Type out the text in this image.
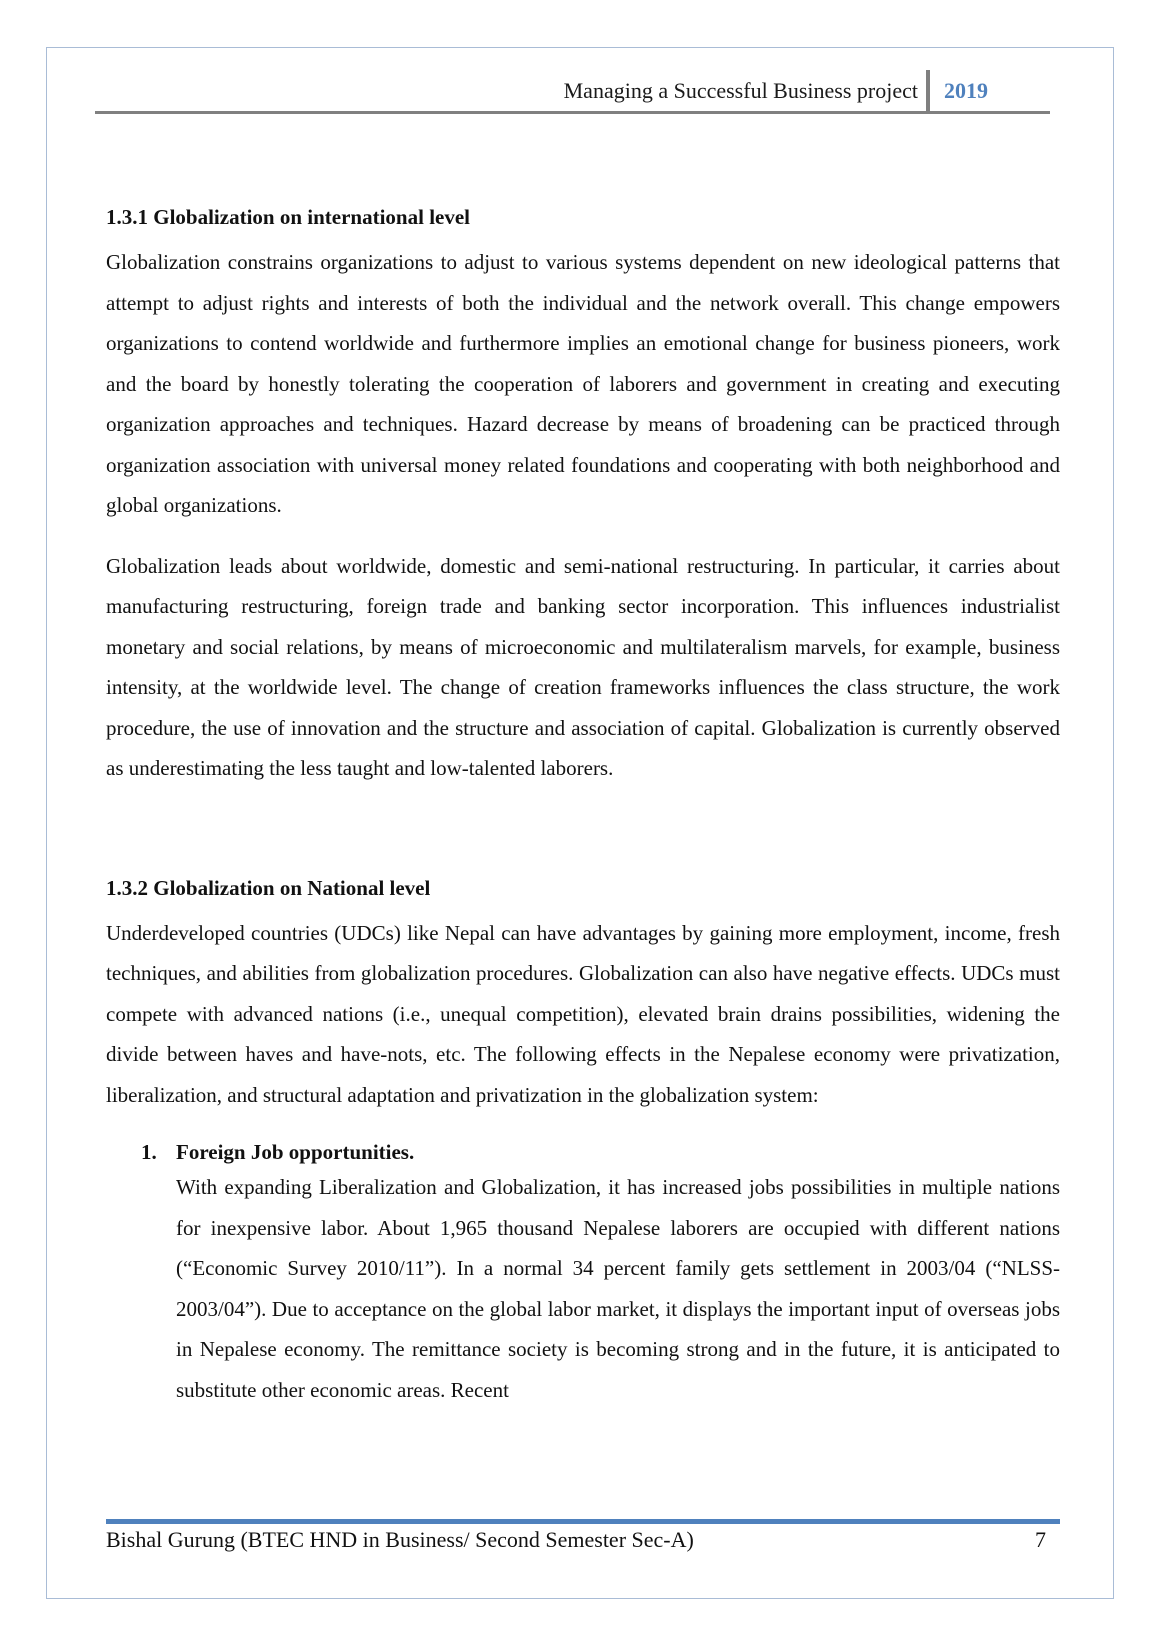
Managing a Successful Business project 2019
1.3.1 Globalization on international level

Globalization constrains organizations to adjust to various systems dependent on new ideological patterns that attempt to adjust rights and interests of both the individual and the network overall. This change empowers organizations to contend worldwide and furthermore implies an emotional change for business pioneers, work and the board by honestly tolerating the cooperation of laborers and government in creating and executing organization approaches and techniques. Hazard decrease by means of broadening can be practiced through organization association with universal money related foundations and cooperating with both neighborhood and global organizations.

Globalization leads about worldwide, domestic and semi-national restructuring. In particular, it carries about manufacturing restructuring, foreign trade and banking sector incorporation. This influences industrialist monetary and social relations, by means of microeconomic and multilateralism marvels, for example, business intensity, at the worldwide level. The change of creation frameworks influences the class structure, the work procedure, the use of innovation and the structure and association of capital. Globalization is currently observed as underestimating the less taught and low-talented laborers.

1.3.2 Globalization on National level

Underdeveloped countries (UDCs) like Nepal can have advantages by gaining more employment, income, fresh techniques, and abilities from globalization procedures. Globalization can also have negative effects. UDCs must compete with advanced nations (i.e., unequal competition), elevated brain drains possibilities, widening the divide between haves and have-nots, etc. The following effects in the Nepalese economy were privatization, liberalization, and structural adaptation and privatization in the globalization system:

1. Foreign Job opportunities.

With expanding Liberalization and Globalization, it has increased jobs possibilities in multiple nations for inexpensive labor. About 1,965 thousand Nepalese laborers are occupied with different nations (“Economic Survey 2010/11”). In a normal 34 percent family gets settlement in 2003/04 (“NLSS-2003/04”). Due to acceptance on the global labor market, it displays the important input of overseas jobs in Nepalese economy. The remittance society is becoming strong and in the future, it is anticipated to substitute other economic areas. Recent

Bishal Gurung (BTEC HND in Business/ Second Semester Sec-A)	7
